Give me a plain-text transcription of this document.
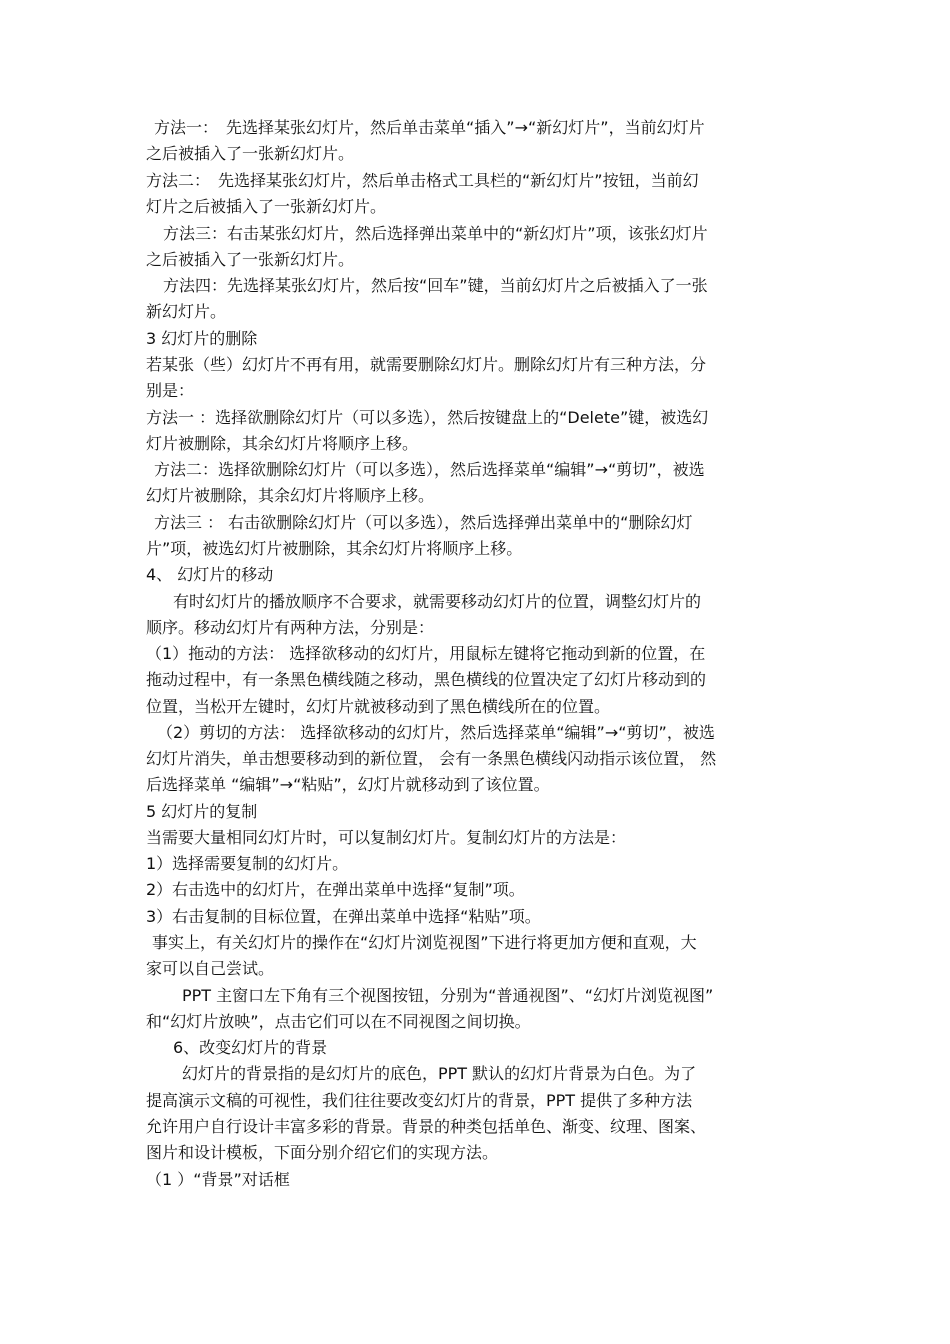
方法一：　先选择某张幻灯片，然后单击菜单“插入”→“新幻灯片”，当前幻灯片
之后被插入了一张新幻灯片。
方法二：　先选择某张幻灯片，然后单击格式工具栏的“新幻灯片”按钮，当前幻
灯片之后被插入了一张新幻灯片。
方法三：右击某张幻灯片，然后选择弹出菜单中的“新幻灯片”项，该张幻灯片
之后被插入了一张新幻灯片。
方法四：先选择某张幻灯片，然后按“回车”键，当前幻灯片之后被插入了一张
新幻灯片。
3 幻灯片的删除
若某张（些）幻灯片不再有用，就需要删除幻灯片。删除幻灯片有三种方法，分
别是：
方法一 ：选择欲删除幻灯片（可以多选），然后按键盘上的“Delete”键，被选幻
灯片被删除，其余幻灯片将顺序上移。
方法二：选择欲删除幻灯片（可以多选），然后选择菜单“编辑”→“剪切”，被选
幻灯片被删除，其余幻灯片将顺序上移。
方法三 ： 右击欲删除幻灯片（可以多选），然后选择弹出菜单中的“删除幻灯
片”项，被选幻灯片被删除，其余幻灯片将顺序上移。
4、 幻灯片的移动
有时幻灯片的播放顺序不合要求，就需要移动幻灯片的位置，调整幻灯片的
顺序。移动幻灯片有两种方法，分别是：
（1）拖动的方法： 选择欲移动的幻灯片，用鼠标左键将它拖动到新的位置，在
拖动过程中，有一条黑色横线随之移动，黑色横线的位置决定了幻灯片移动到的
位置，当松开左键时，幻灯片就被移动到了黑色横线所在的位置。
（2）剪切的方法： 选择欲移动的幻灯片，然后选择菜单“编辑”→“剪切”，被选
幻灯片消失，单击想要移动到的新位置， 会有一条黑色横线闪动指示该位置， 然
后选择菜单 “编辑”→“粘贴”，幻灯片就移动到了该位置。
5 幻灯片的复制
当需要大量相同幻灯片时，可以复制幻灯片。复制幻灯片的方法是：
1）选择需要复制的幻灯片。
2）右击选中的幻灯片，在弹出菜单中选择“复制”项。
3）右击复制的目标位置，在弹出菜单中选择“粘贴”项。
事实上，有关幻灯片的操作在“幻灯片浏览视图”下进行将更加方便和直观，大
家可以自己尝试。
PPT 主窗口左下角有三个视图按钮，分别为“普通视图”、“幻灯片浏览视图”
和“幻灯片放映”，点击它们可以在不同视图之间切换。
6、改变幻灯片的背景
幻灯片的背景指的是幻灯片的底色，PPT 默认的幻灯片背景为白色。为了
提高演示文稿的可视性，我们往往要改变幻灯片的背景，PPT 提供了多种方法
允许用户自行设计丰富多彩的背景。背景的种类包括单色、渐变、纹理、图案、
图片和设计模板，下面分别介绍它们的实现方法。
（1 ）“背景”对话框
